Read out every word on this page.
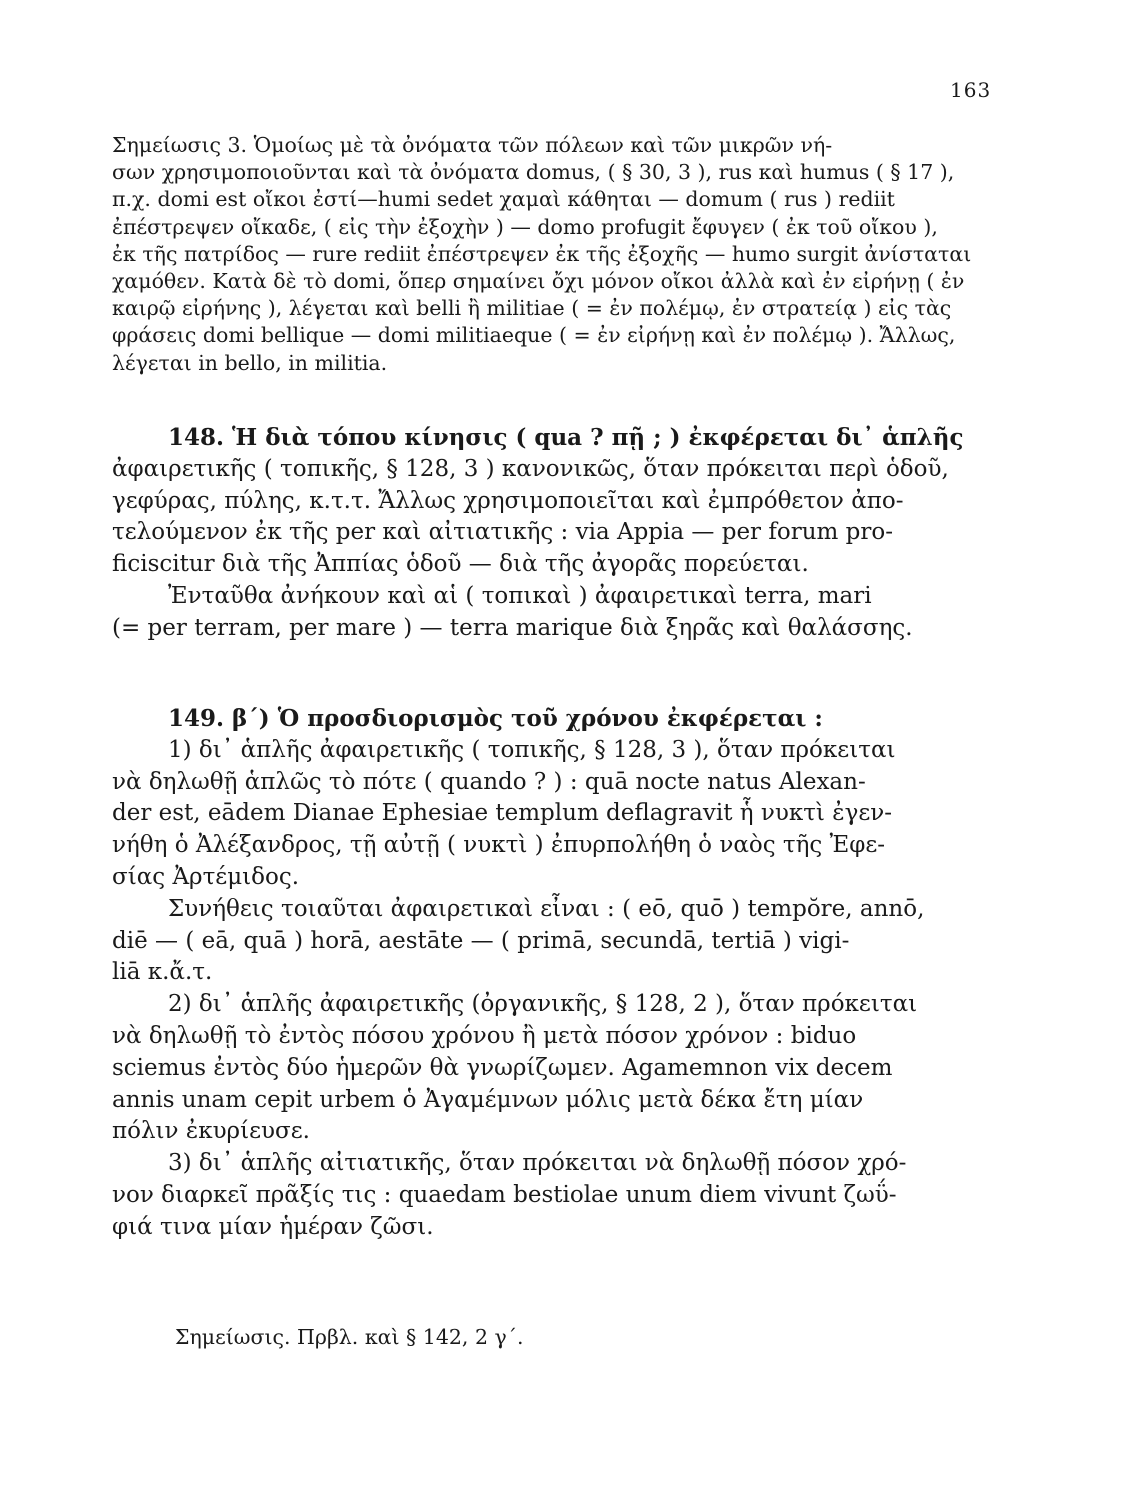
163
Σημείωσις 3. Ὁμοίως μὲ τὰ ὀνόματα τῶν πόλεων καὶ τῶν μικρῶν νή-
σων χρησιμοποιοῦνται καὶ τὰ ὀνόματα domus, ( § 30, 3 ), rus καὶ humus ( § 17 ),
π.χ. domi est οἴκοι ἐστί—humi sedet χαμαὶ κάθηται — domum ( rus ) rediit
ἐπέστρεψεν οἴκαδε, ( εἰς τὴν ἐξοχὴν ) — domo profugit ἔφυγεν ( ἐκ τοῦ οἴκου ),
ἐκ τῆς πατρίδος — rure rediit ἐπέστρεψεν ἐκ τῆς ἐξοχῆς — humo surgit ἀνίσταται
χαμόθεν. Κατὰ δὲ τὸ domi, ὅπερ σημαίνει ὄχι μόνον οἴκοι ἀλλὰ καὶ ἐν εἰρήνῃ ( ἐν
καιρῷ εἰρήνης ), λέγεται καὶ belli ἢ militiae ( = ἐν πολέμῳ, ἐν στρατείᾳ ) εἰς τὰς
φράσεις domi bellique — domi militiaeque ( = ἐν εἰρήνῃ καὶ ἐν πολέμῳ ). Ἄλλως,
λέγεται in bello, in militia.
148. Ἡ διὰ τόπου κίνησις ( qua ? πῇ ; ) ἐκφέρεται δι᾽ ἁπλῆς
ἀφαιρετικῆς ( τοπικῆς, § 128, 3 ) κανονικῶς, ὅταν πρόκειται περὶ ὁδοῦ,
γεφύρας, πύλης, κ.τ.τ. Ἄλλως χρησιμοποιεῖται καὶ ἐμπρόθετον ἀπο-
τελούμενον ἐκ τῆς per καὶ αἰτιατικῆς : via Appia — per forum pro-
ficiscitur διὰ τῆς Ἀππίας ὁδοῦ — διὰ τῆς ἀγορᾶς πορεύεται.
Ἐνταῦθα ἀνήκουν καὶ αἱ ( τοπικαὶ ) ἀφαιρετικαὶ terra, mari
(= per terram, per mare ) — terra marique διὰ ξηρᾶς καὶ θαλάσσης.
149. β΄) Ὁ προσδιορισμὸς τοῦ χρόνου ἐκφέρεται :
1) δι᾽ ἁπλῆς ἀφαιρετικῆς ( τοπικῆς, § 128, 3 ), ὅταν πρόκειται
νὰ δηλωθῇ ἁπλῶς τὸ πότε ( quando ? ) : quā nocte natus Alexan-
der est, eādem Dianae Ephesiae templum deflagravit ἧ νυκτὶ ἐγεν-
νήθη ὁ Ἀλέξανδρος, τῇ αὐτῇ ( νυκτὶ ) ἐπυρπολήθη ὁ ναὸς τῆς Ἐφε-
σίας Ἀρτέμιδος.
Συνήθεις τοιαῦται ἀφαιρετικαὶ εἶναι : ( eō, quō ) tempŏre, annō,
diē — ( eā, quā ) horā, aestāte — ( primā, secundā, tertiā ) vigi-
liā κ.ἄ.τ.
2) δι᾽ ἁπλῆς ἀφαιρετικῆς (ὀργανικῆς, § 128, 2 ), ὅταν πρόκειται
νὰ δηλωθῇ τὸ ἐντὸς πόσου χρόνου ἢ μετὰ πόσον χρόνον : biduo
sciemus ἐντὸς δύο ἡμερῶν θὰ γνωρίζωμεν. Agamemnon vix decem
annis unam cepit urbem ὁ Ἀγαμέμνων μόλις μετὰ δέκα ἔτη μίαν
πόλιν ἐκυρίευσε.
3) δι᾽ ἁπλῆς αἰτιατικῆς, ὅταν πρόκειται νὰ δηλωθῇ πόσον χρό-
νον διαρκεῖ πρᾶξίς τις : quaedam bestiolae unum diem vivunt ζωΰ-
φιά τινα μίαν ἡμέραν ζῶσι.
Σημείωσις. Πρβλ. καὶ § 142, 2 γ΄.
